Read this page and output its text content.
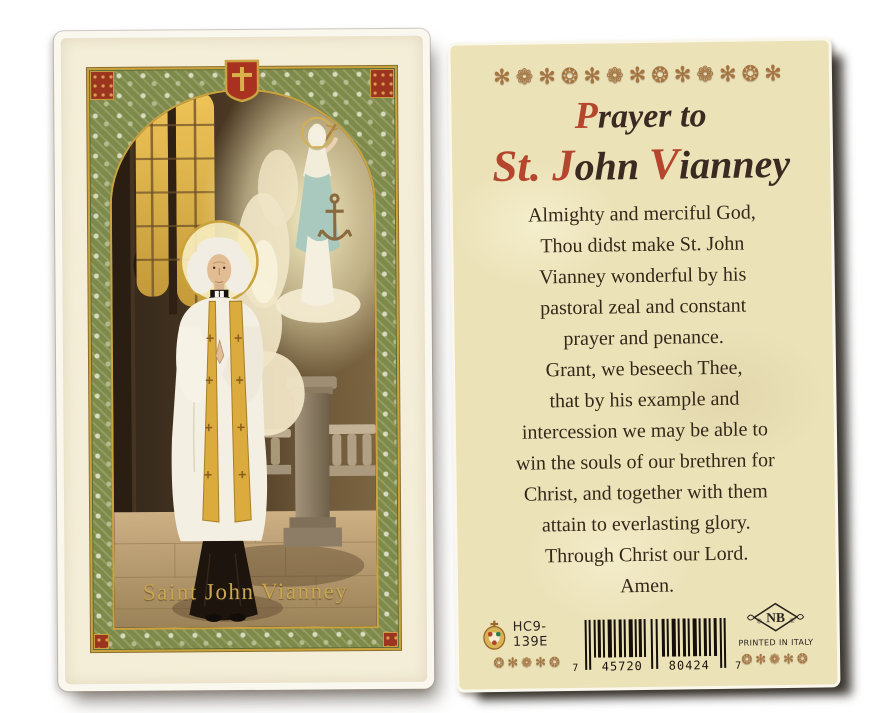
Saint John Vianney
✻❁✻❂✻❁✻❂✻❁✻❂✻
Prayer to
St. John Vianney
Almighty and merciful God,
Thou didst make St. John
Vianney wonderful by his
pastoral zeal and constant
prayer and penance.
Grant, we beseech Thee,
that by his example and
intercession we may be able to
win the souls of our brethren for
Christ, and together with them
attain to everlasting glory.
Through Christ our Lord.
Amen.
HC9-139E
❂✻❁✻❂ 7	45720	80424	7
NB
©	®
PRINTED IN ITALY
❂✻❁✻❂
